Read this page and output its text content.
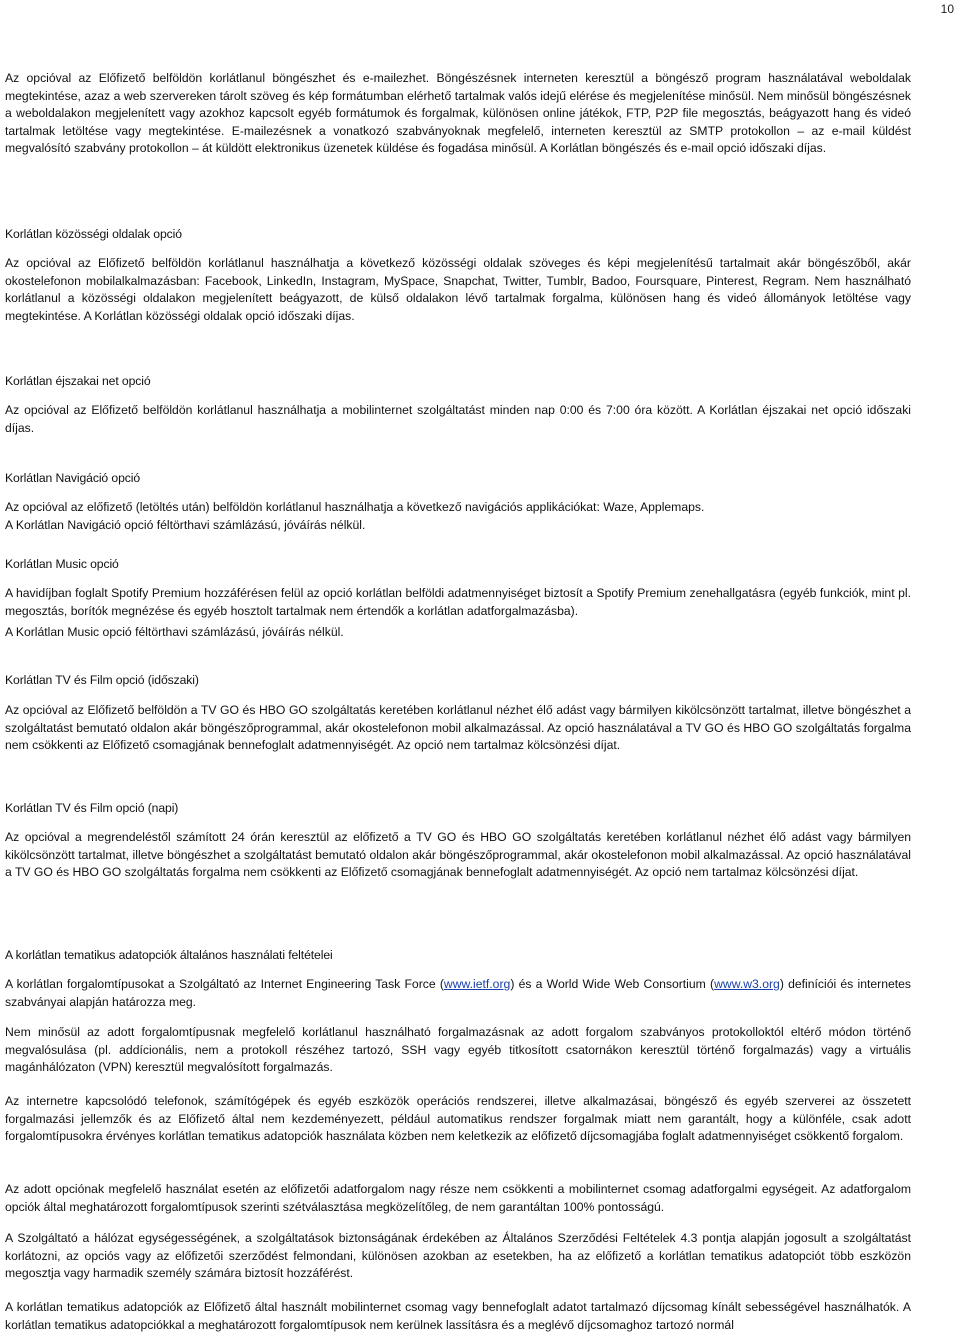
10

Az opcióval az Előfizető belföldön korlátlanul böngészhet és e-mailezhet. Böngészésnek interneten keresztül a böngésző program használatával weboldalak megtekintése, azaz a web szervereken tárolt szöveg és kép formátumban elérhető tartalmak valós idejű elérése és megjelenítése minősül. Nem minősül böngészésnek a weboldalakon megjelenített vagy azokhoz kapcsolt egyéb formátumok és forgalmak, különösen online játékok, FTP, P2P file megosztás, beágyazott hang és videó tartalmak letöltése vagy megtekintése. E-mailezésnek a vonatkozó szabványoknak megfelelő, interneten keresztül az SMTP protokollon – az e-mail küldést megvalósító szabvány protokollon – át küldött elektronikus üzenetek küldése és fogadása minősül. A Korlátlan böngészés és e-mail opció időszaki díjas.

Korlátlan közösségi oldalak opció

Az opcióval az Előfizető belföldön korlátlanul használhatja a következő közösségi oldalak szöveges és képi megjelenítésű tartalmait akár böngészőből, akár okostelefonon mobilalkalmazásban: Facebook, LinkedIn, Instagram, MySpace, Snapchat, Twitter, Tumblr, Badoo, Foursquare, Pinterest, Regram. Nem használható korlátlanul a közösségi oldalakon megjelenített beágyazott, de külső oldalakon lévő tartalmak forgalma, különösen hang és videó állományok letöltése vagy megtekintése. A Korlátlan közösségi oldalak opció időszaki díjas.

Korlátlan éjszakai net opció

Az opcióval az Előfizető belföldön korlátlanul használhatja a mobilinternet szolgáltatást minden nap 0:00 és 7:00 óra között. A Korlátlan éjszakai net opció időszaki díjas.

Korlátlan Navigáció opció

Az opcióval az előfizető (letöltés után) belföldön korlátlanul használhatja a következő navigációs applikációkat: Waze, Applemaps.

A Korlátlan Navigáció opció féltörthavi számlázású, jóváírás nélkül.

Korlátlan Music opció

A havidíjban foglalt Spotify Premium hozzáférésen felül az opció korlátlan belföldi adatmennyiséget biztosít a Spotify Premium zenehallgatásra (egyéb funkciók, mint pl. megosztás, borítók megnézése és egyéb hosztolt tartalmak nem értendők a korlátlan adatforgalmazásba).

A Korlátlan Music opció féltörthavi számlázású, jóváírás nélkül.

Korlátlan TV és Film opció (időszaki)

Az opcióval az Előfizető belföldön a TV GO és HBO GO szolgáltatás keretében korlátlanul nézhet élő adást vagy bármilyen kikölcsönzött tartalmat, illetve böngészhet a szolgáltatást bemutató oldalon akár böngészőprogrammal, akár okostelefonon mobil alkalmazással. Az opció használatával a TV GO és HBO GO szolgáltatás forgalma nem csökkenti az Előfizető csomagjának bennefoglalt adatmennyiségét. Az opció nem tartalmaz kölcsönzési díjat.

Korlátlan TV és Film opció (napi)

Az opcióval a megrendeléstől számított 24 órán keresztül az előfizető a TV GO és HBO GO szolgáltatás keretében korlátlanul nézhet élő adást vagy bármilyen kikölcsönzött tartalmat, illetve böngészhet a szolgáltatást bemutató oldalon akár böngészőprogrammal, akár okostelefonon mobil alkalmazással. Az opció használatával a TV GO és HBO GO szolgáltatás forgalma nem csökkenti az Előfizető csomagjának bennefoglalt adatmennyiségét. Az opció nem tartalmaz kölcsönzési díjat.

A korlátlan tematikus adatopciók általános használati feltételei

A korlátlan forgalomtípusokat a Szolgáltató az Internet Engineering Task Force (www.ietf.org) és a World Wide Web Consortium (www.w3.org) definíciói és internetes szabványai alapján határozza meg.

Nem minősül az adott forgalomtípusnak megfelelő korlátlanul használható forgalmazásnak az adott forgalom szabványos protokolloktól eltérő módon történő megvalósulása (pl. addícionális, nem a protokoll részéhez tartozó, SSH vagy egyéb titkosított csatornákon keresztül történő forgalmazás) vagy a virtuális magánhálózaton (VPN) keresztül megvalósított forgalmazás.

Az internetre kapcsolódó telefonok, számítógépek és egyéb eszközök operációs rendszerei, illetve alkalmazásai, böngésző és egyéb szerverei az összetett forgalmazási jellemzők és az Előfizető által nem kezdeményezett, például automatikus rendszer forgalmak miatt nem garantált, hogy a különféle, csak adott forgalomtípusokra érvényes korlátlan tematikus adatopciók használata közben nem keletkezik az előfizető díjcsomagjába foglalt adatmennyiséget csökkentő forgalom.

Az adott opciónak megfelelő használat esetén az előfizetői adatforgalom nagy része nem csökkenti a mobilinternet csomag adatforgalmi egységeit. Az adatforgalom opciók által meghatározott forgalomtípusok szerinti szétválasztása megközelítőleg, de nem garantáltan 100% pontosságú.

A Szolgáltató a hálózat egységességének, a szolgáltatások biztonságának érdekében az Általános Szerződési Feltételek 4.3 pontja alapján jogosult a szolgáltatást korlátozni, az opciós vagy az előfizetői szerződést felmondani, különösen azokban az esetekben, ha az előfizető a korlátlan tematikus adatopciót több eszközön megosztja vagy harmadik személy számára biztosít hozzáférést.

A korlátlan tematikus adatopciók az Előfizető által használt mobilinternet csomag vagy bennefoglalt adatot tartalmazó díjcsomag kínált sebességével használhatók. A korlátlan tematikus adatopciókkal a meghatározott forgalomtípusok nem kerülnek lassításra és a meglévő díjcsomaghoz tartozó normál
